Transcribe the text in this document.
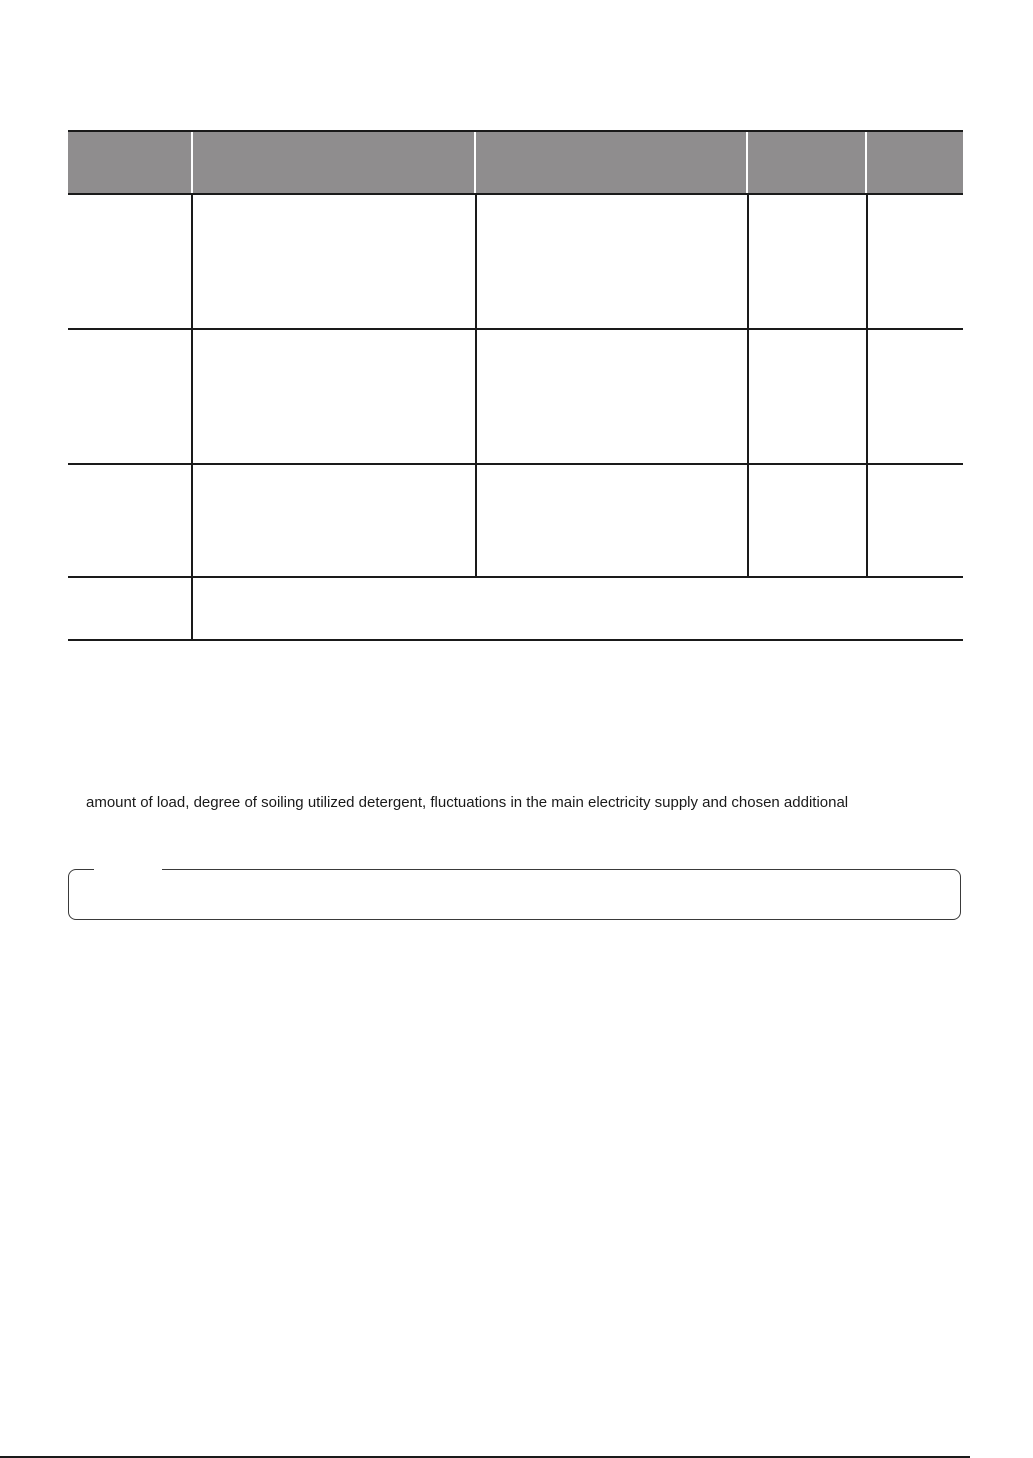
amount of load, degree of soiling utilized detergent, fluctuations in the main electricity supply and chosen additional
